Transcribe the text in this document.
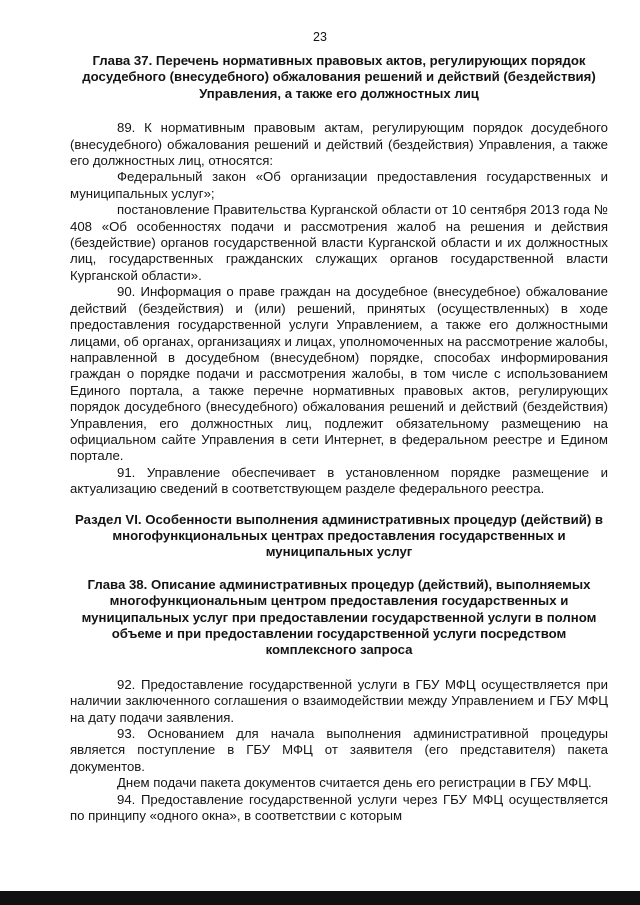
23

Глава 37. Перечень нормативных правовых актов, регулирующих порядок досудебного (внесудебного) обжалования решений и действий (бездействия) Управления, а также его должностных лиц

89. К нормативным правовым актам, регулирующим порядок досудебного (внесудебного) обжалования решений и действий (бездействия) Управления, а также его должностных лиц, относятся:

Федеральный закон «Об организации предоставления государственных и муниципальных услуг»;

постановление Правительства Курганской области от 10 сентября 2013 года № 408 «Об особенностях подачи и рассмотрения жалоб на решения и действия (бездействие) органов государственной власти Курганской области и их должностных лиц, государственных гражданских служащих органов государственной власти Курганской области».

90. Информация о праве граждан на досудебное (внесудебное) обжалование действий (бездействия) и (или) решений, принятых (осуществленных) в ходе предоставления государственной услуги Управлением, а также его должностными лицами, об органах, организациях и лицах, уполномоченных на рассмотрение жалобы, направленной в досудебном (внесудебном) порядке, способах информирования граждан о порядке подачи и рассмотрения жалобы, в том числе с использованием Единого портала, а также перечне нормативных правовых актов, регулирующих порядок досудебного (внесудебного) обжалования решений и действий (бездействия) Управления, его должностных лиц, подлежит обязательному размещению на официальном сайте Управления в сети Интернет, в федеральном реестре и Едином портале.

91. Управление обеспечивает в установленном порядке размещение и актуализацию сведений в соответствующем разделе федерального реестра.

Раздел VI. Особенности выполнения административных процедур (действий) в многофункциональных центрах предоставления государственных и муниципальных услуг

Глава 38. Описание административных процедур (действий), выполняемых многофункциональным центром предоставления государственных и муниципальных услуг при предоставлении государственной услуги в полном объеме и при предоставлении государственной услуги посредством комплексного запроса

92. Предоставление государственной услуги в ГБУ МФЦ осуществляется при наличии заключенного соглашения о взаимодействии между Управлением и ГБУ МФЦ на дату подачи заявления.

93. Основанием для начала выполнения административной процедуры является поступление в ГБУ МФЦ от заявителя (его представителя) пакета документов.

Днем подачи пакета документов считается день его регистрации в ГБУ МФЦ.

94. Предоставление государственной услуги через ГБУ МФЦ осуществляется по принципу «одного окна», в соответствии с которым
